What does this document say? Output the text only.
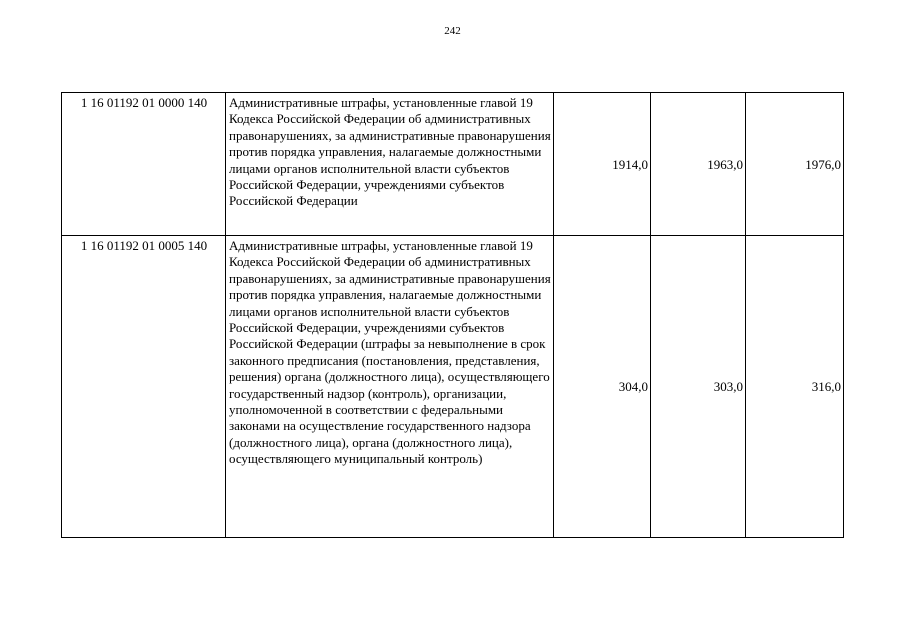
242
1 16 01192 01 0000 140	Административные штрафы, установленные главой 19 Кодекса Российской Федерации об административных правонарушениях, за административные правонарушения против порядка управления, налагаемые должностными лицами органов исполнительной власти субъектов Российской Федерации, учреждениями субъектов Российской Федерации	1914,0	1963,0	1976,0
1 16 01192 01 0005 140	Административные штрафы, установленные главой 19 Кодекса Российской Федерации об административных правонарушениях, за административные правонарушения против порядка управления, налагаемые должностными лицами органов исполнительной власти субъектов Российской Федерации, учреждениями субъектов Российской Федерации (штрафы за невыполнение в срок законного предписания (постановления, представления, решения) органа (должностного лица), осуществляющего государственный надзор (контроль), организации, уполномоченной в соответствии с федеральными законами на осуществление государственного надзора (должностного лица), органа (должностного лица), осуществляющего муниципальный контроль)	304,0	303,0	316,0
